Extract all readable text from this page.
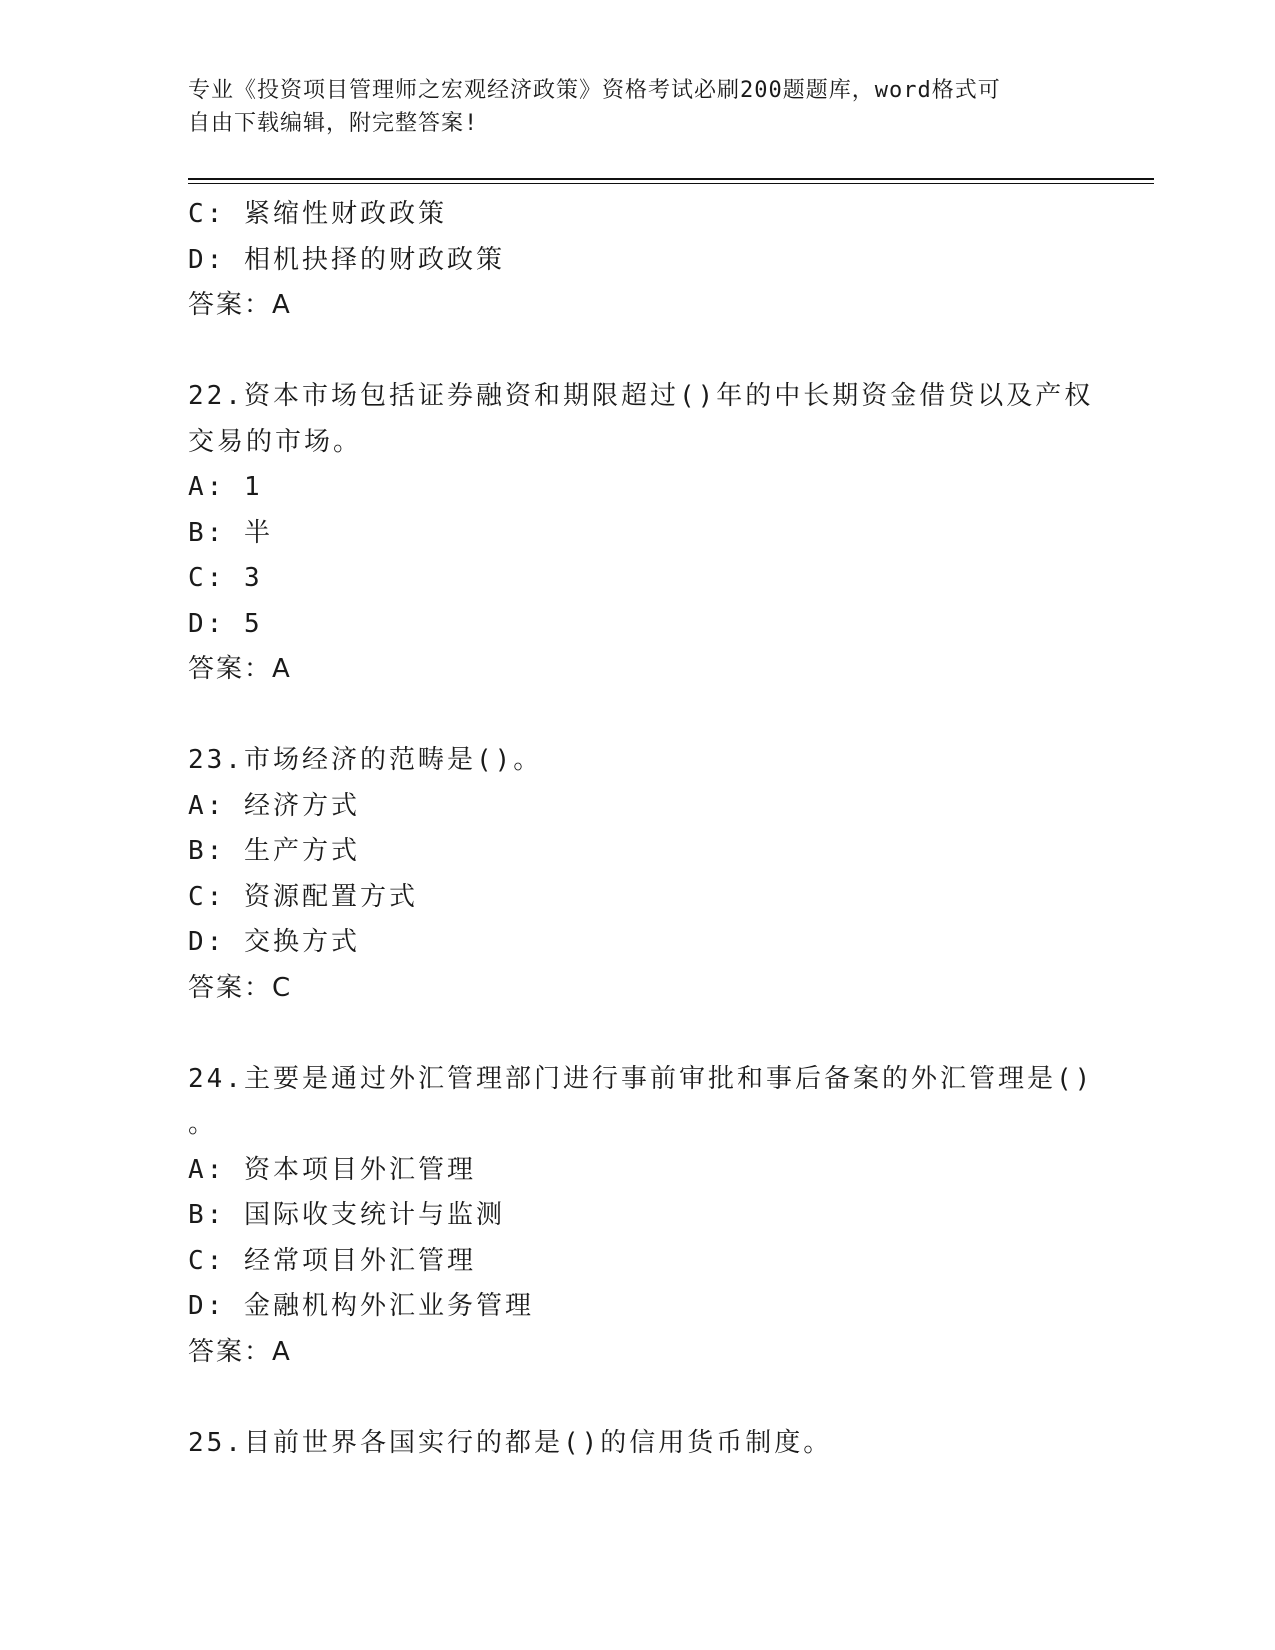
专业《投资项目管理师之宏观经济政策》资格考试必刷200题题库，word格式可
自由下载编辑，附完整答案!
C: 紧缩性财政政策
D: 相机抉择的财政政策
答案：A
22.资本市场包括证券融资和期限超过()年的中长期资金借贷以及产权
交易的市场。
A: 1
B: 半
C: 3
D: 5
答案：A
23.市场经济的范畴是()。
A: 经济方式
B: 生产方式
C: 资源配置方式
D: 交换方式
答案：C
24.主要是通过外汇管理部门进行事前审批和事后备案的外汇管理是()
。
A: 资本项目外汇管理
B: 国际收支统计与监测
C: 经常项目外汇管理
D: 金融机构外汇业务管理
答案：A
25.目前世界各国实行的都是()的信用货币制度。
